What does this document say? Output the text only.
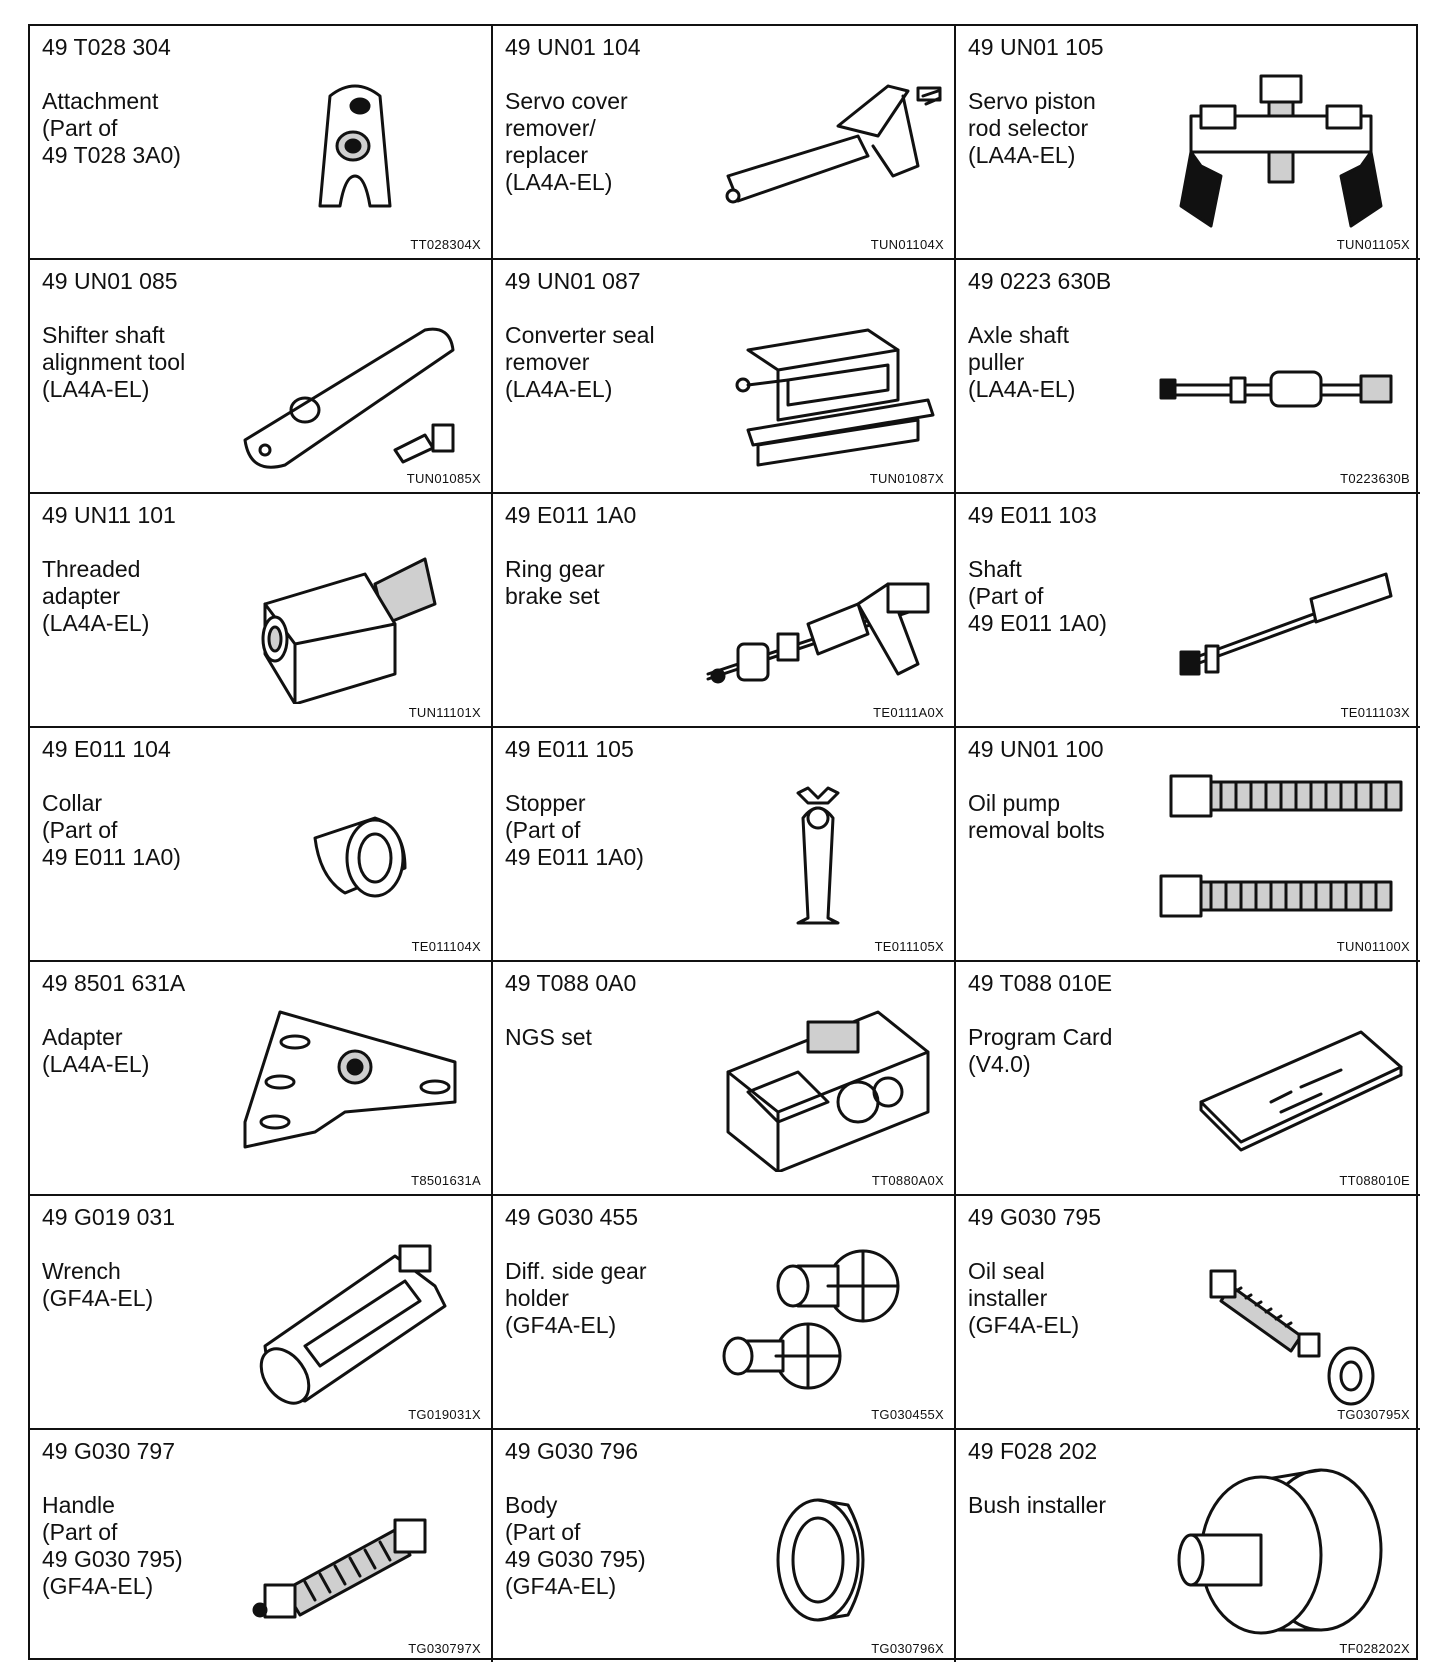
49 T028 304
Attachment
(Part of
49 T028 3A0)
TT028304X
49 UN01 104
Servo cover
remover/
replacer
(LA4A-EL)
TUN01104X
49 UN01 105
Servo piston
rod selector
(LA4A-EL)
TUN01105X
49 UN01 085
Shifter shaft
alignment tool
(LA4A-EL)
TUN01085X
49 UN01 087
Converter seal
remover
(LA4A-EL)
TUN01087X
49 0223 630B
Axle shaft
puller
(LA4A-EL)
T0223630B
49 UN11 101
Threaded
adapter
(LA4A-EL)
TUN11101X
49 E011 1A0
Ring gear
brake set
TE0111A0X
49 E011 103
Shaft
(Part of
49 E011 1A0)
TE011103X
49 E011 104
Collar
(Part of
49 E011 1A0)
TE011104X
49 E011 105
Stopper
(Part of
49 E011 1A0)
TE011105X
49 UN01 100
Oil pump
removal bolts
TUN01100X
49 8501 631A
Adapter
(LA4A-EL)
T8501631A
49 T088 0A0
NGS set
TT0880A0X
49 T088 010E
Program Card
(V4.0)
TT088010E
49 G019 031
Wrench
(GF4A-EL)
TG019031X
49 G030 455
Diff. side gear
holder
(GF4A-EL)
TG030455X
49 G030 795
Oil seal
installer
(GF4A-EL)
TG030795X
49 G030 797
Handle
(Part of
49 G030 795)
(GF4A-EL)
TG030797X
49 G030 796
Body
(Part of
49 G030 795)
(GF4A-EL)
TG030796X
49 F028 202
Bush installer
TF028202X
